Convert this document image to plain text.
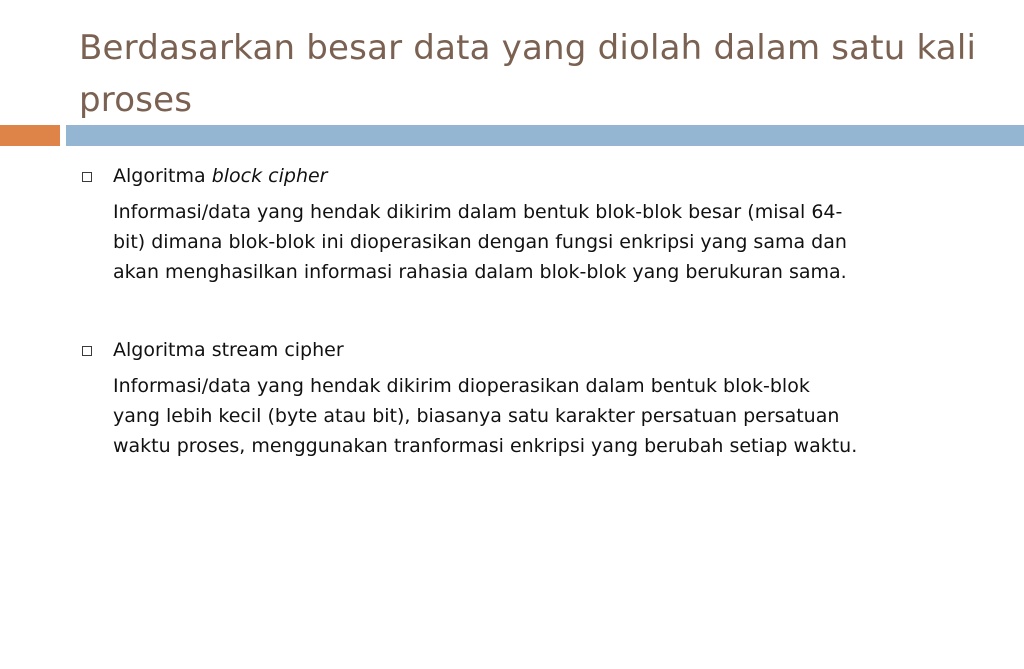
Berdasarkan besar data yang diolah dalam satu kali proses
Algoritma block cipher
Informasi/data yang hendak dikirim dalam bentuk blok-blok besar (misal 64-
bit) dimana blok-blok ini dioperasikan dengan fungsi enkripsi yang sama dan
akan menghasilkan informasi rahasia dalam blok-blok yang berukuran sama.
Algoritma stream cipher
Informasi/data yang hendak dikirim dioperasikan dalam bentuk blok-blok
yang lebih kecil (byte atau bit), biasanya satu karakter persatuan persatuan
waktu proses, menggunakan tranformasi enkripsi yang berubah setiap waktu.
